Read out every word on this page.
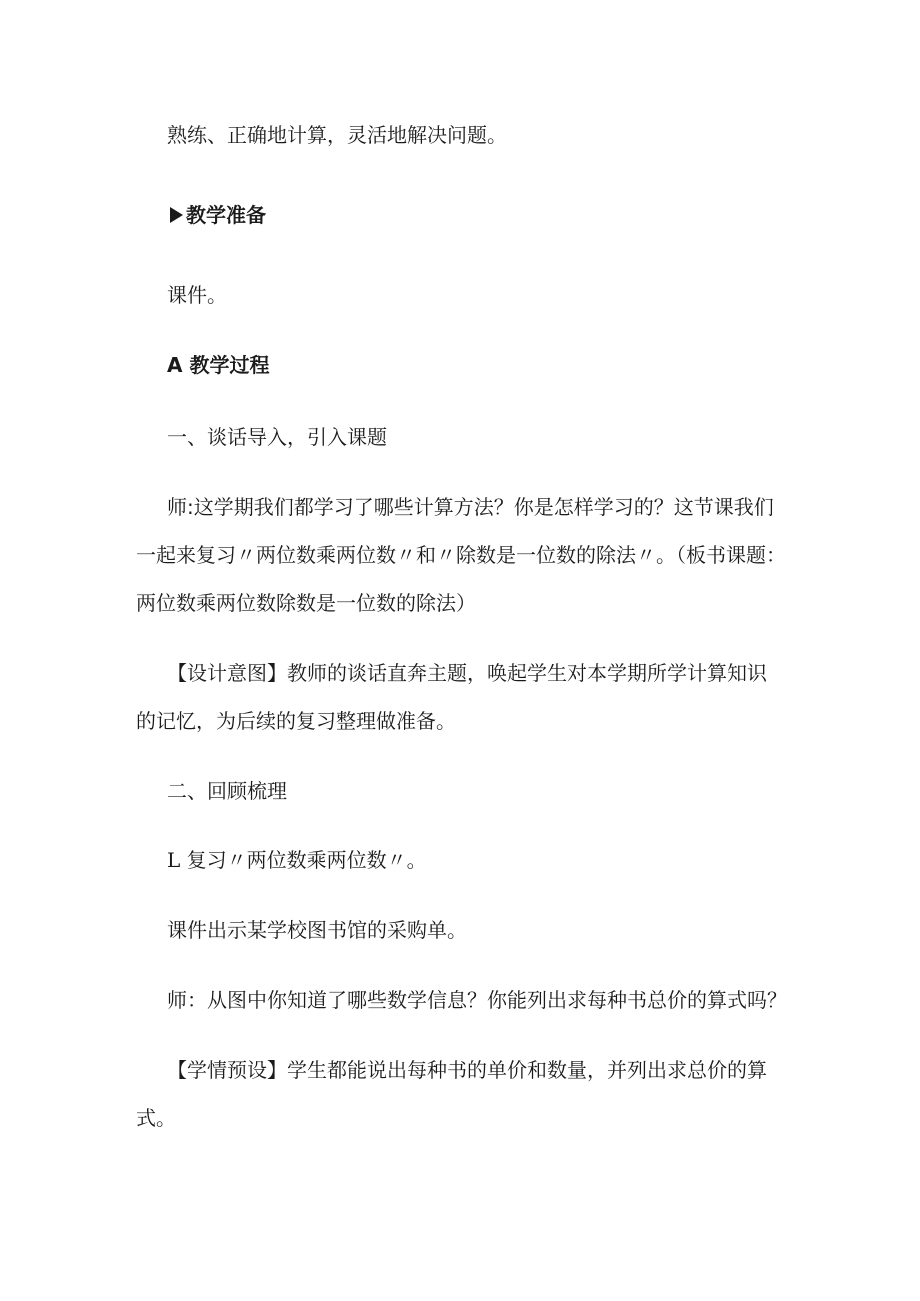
熟练、正确地计算，灵活地解决问题。
教学准备
课件。
A 教学过程
一、谈话导入，引入课题
师:这学期我们都学习了哪些计算方法？你是怎样学习的？这节课我们
一起来复习〃两位数乘两位数〃和〃除数是一位数的除法〃。（板书课题：
两位数乘两位数除数是一位数的除法）
【设计意图】教师的谈话直奔主题，唤起学生对本学期所学计算知识
的记忆，为后续的复习整理做准备。
二、回顾梳理
L 复习〃两位数乘两位数〃。
课件出示某学校图书馆的采购单。
师：从图中你知道了哪些数学信息？你能列出求每种书总价的算式吗？
【学情预设】学生都能说出每种书的单价和数量，并列出求总价的算
式。
